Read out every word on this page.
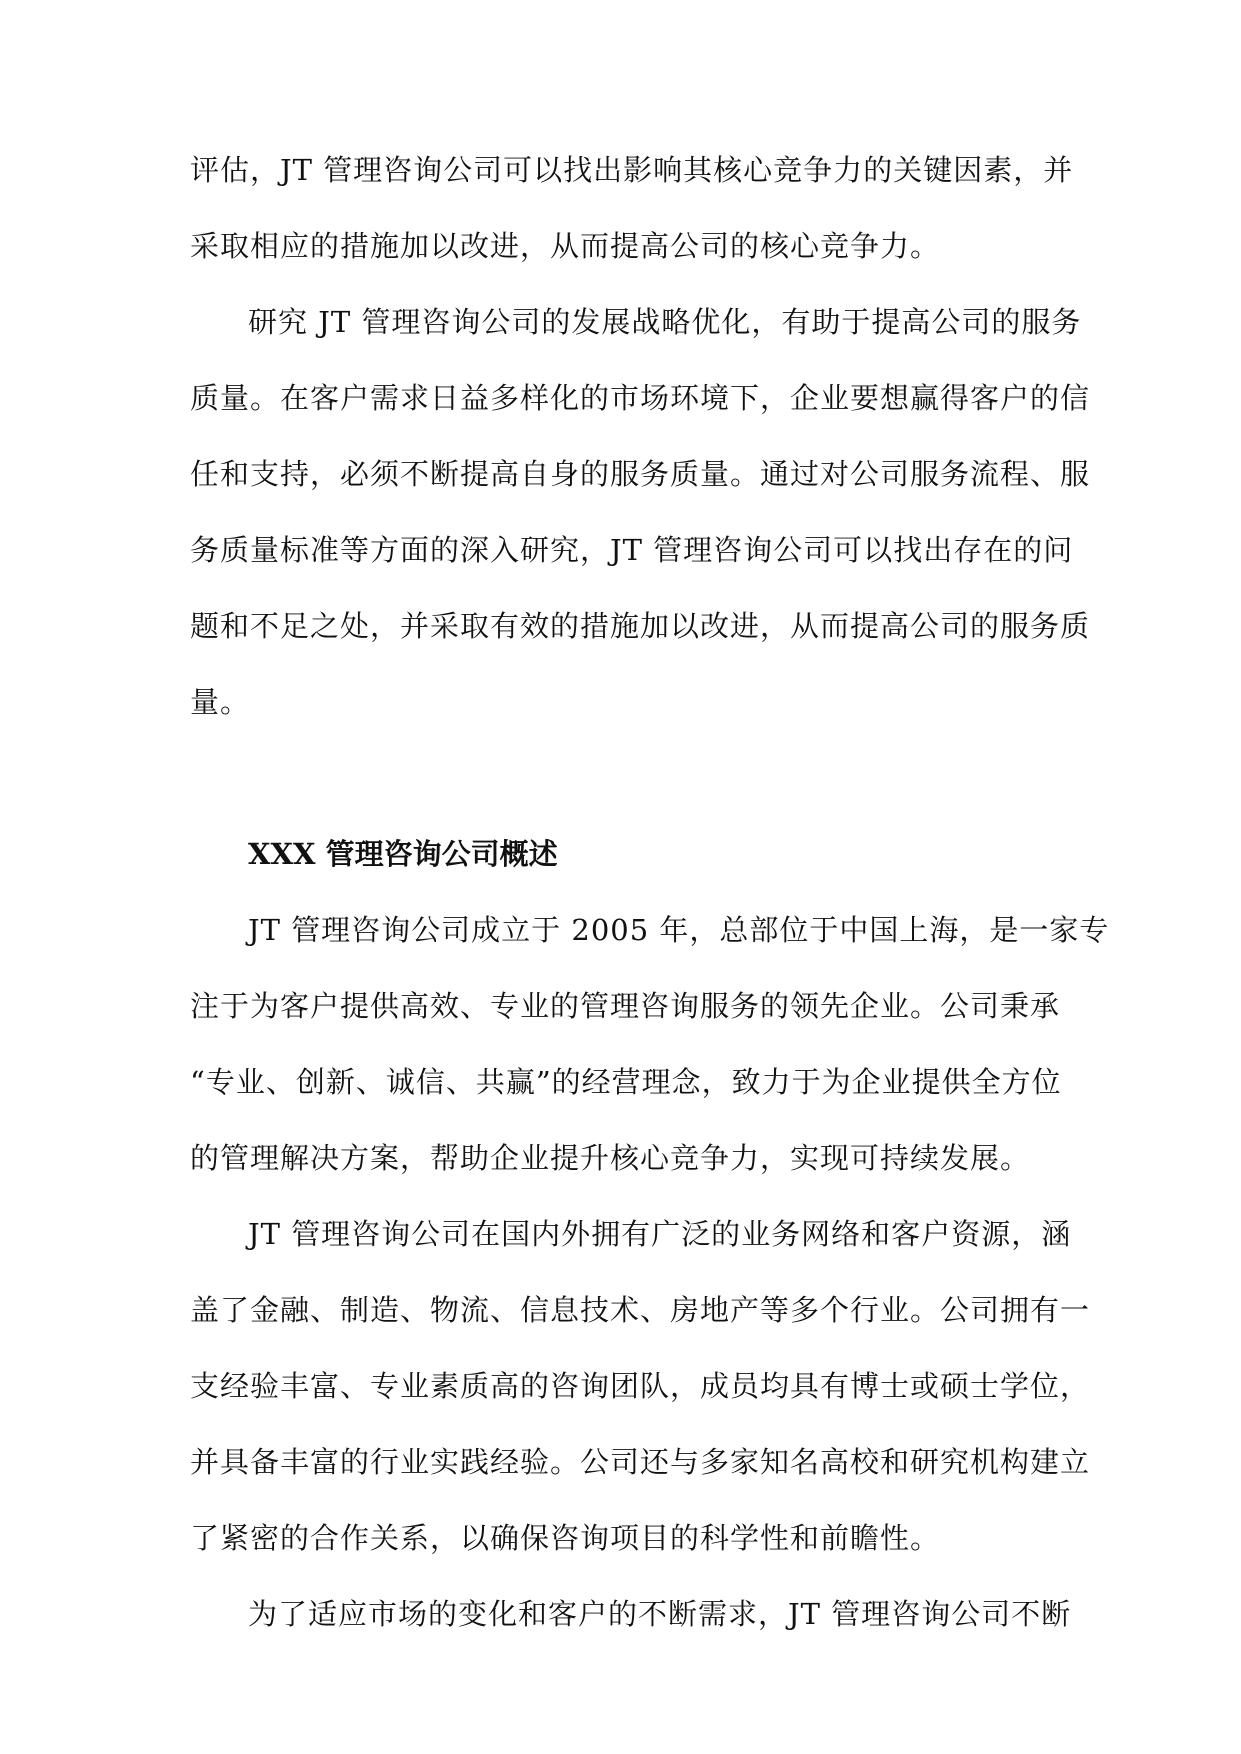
评估，JT 管理咨询公司可以找出影响其核心竞争力的关键因素，并
采取相应的措施加以改进，从而提高公司的核心竞争力。
研究 JT 管理咨询公司的发展战略优化，有助于提高公司的服务
质量。在客户需求日益多样化的市场环境下，企业要想赢得客户的信
任和支持，必须不断提高自身的服务质量。通过对公司服务流程、服
务质量标准等方面的深入研究，JT 管理咨询公司可以找出存在的问
题和不足之处，并采取有效的措施加以改进，从而提高公司的服务质
量。
XXX 管理咨询公司概述
JT 管理咨询公司成立于 2005 年，总部位于中国上海，是一家专
注于为客户提供高效、专业的管理咨询服务的领先企业。公司秉承
“专业、创新、诚信、共赢”的经营理念，致力于为企业提供全方位
的管理解决方案，帮助企业提升核心竞争力，实现可持续发展。
JT 管理咨询公司在国内外拥有广泛的业务网络和客户资源，涵
盖了金融、制造、物流、信息技术、房地产等多个行业。公司拥有一
支经验丰富、专业素质高的咨询团队，成员均具有博士或硕士学位，
并具备丰富的行业实践经验。公司还与多家知名高校和研究机构建立
了紧密的合作关系，以确保咨询项目的科学性和前瞻性。
为了适应市场的变化和客户的不断需求，JT 管理咨询公司不断
